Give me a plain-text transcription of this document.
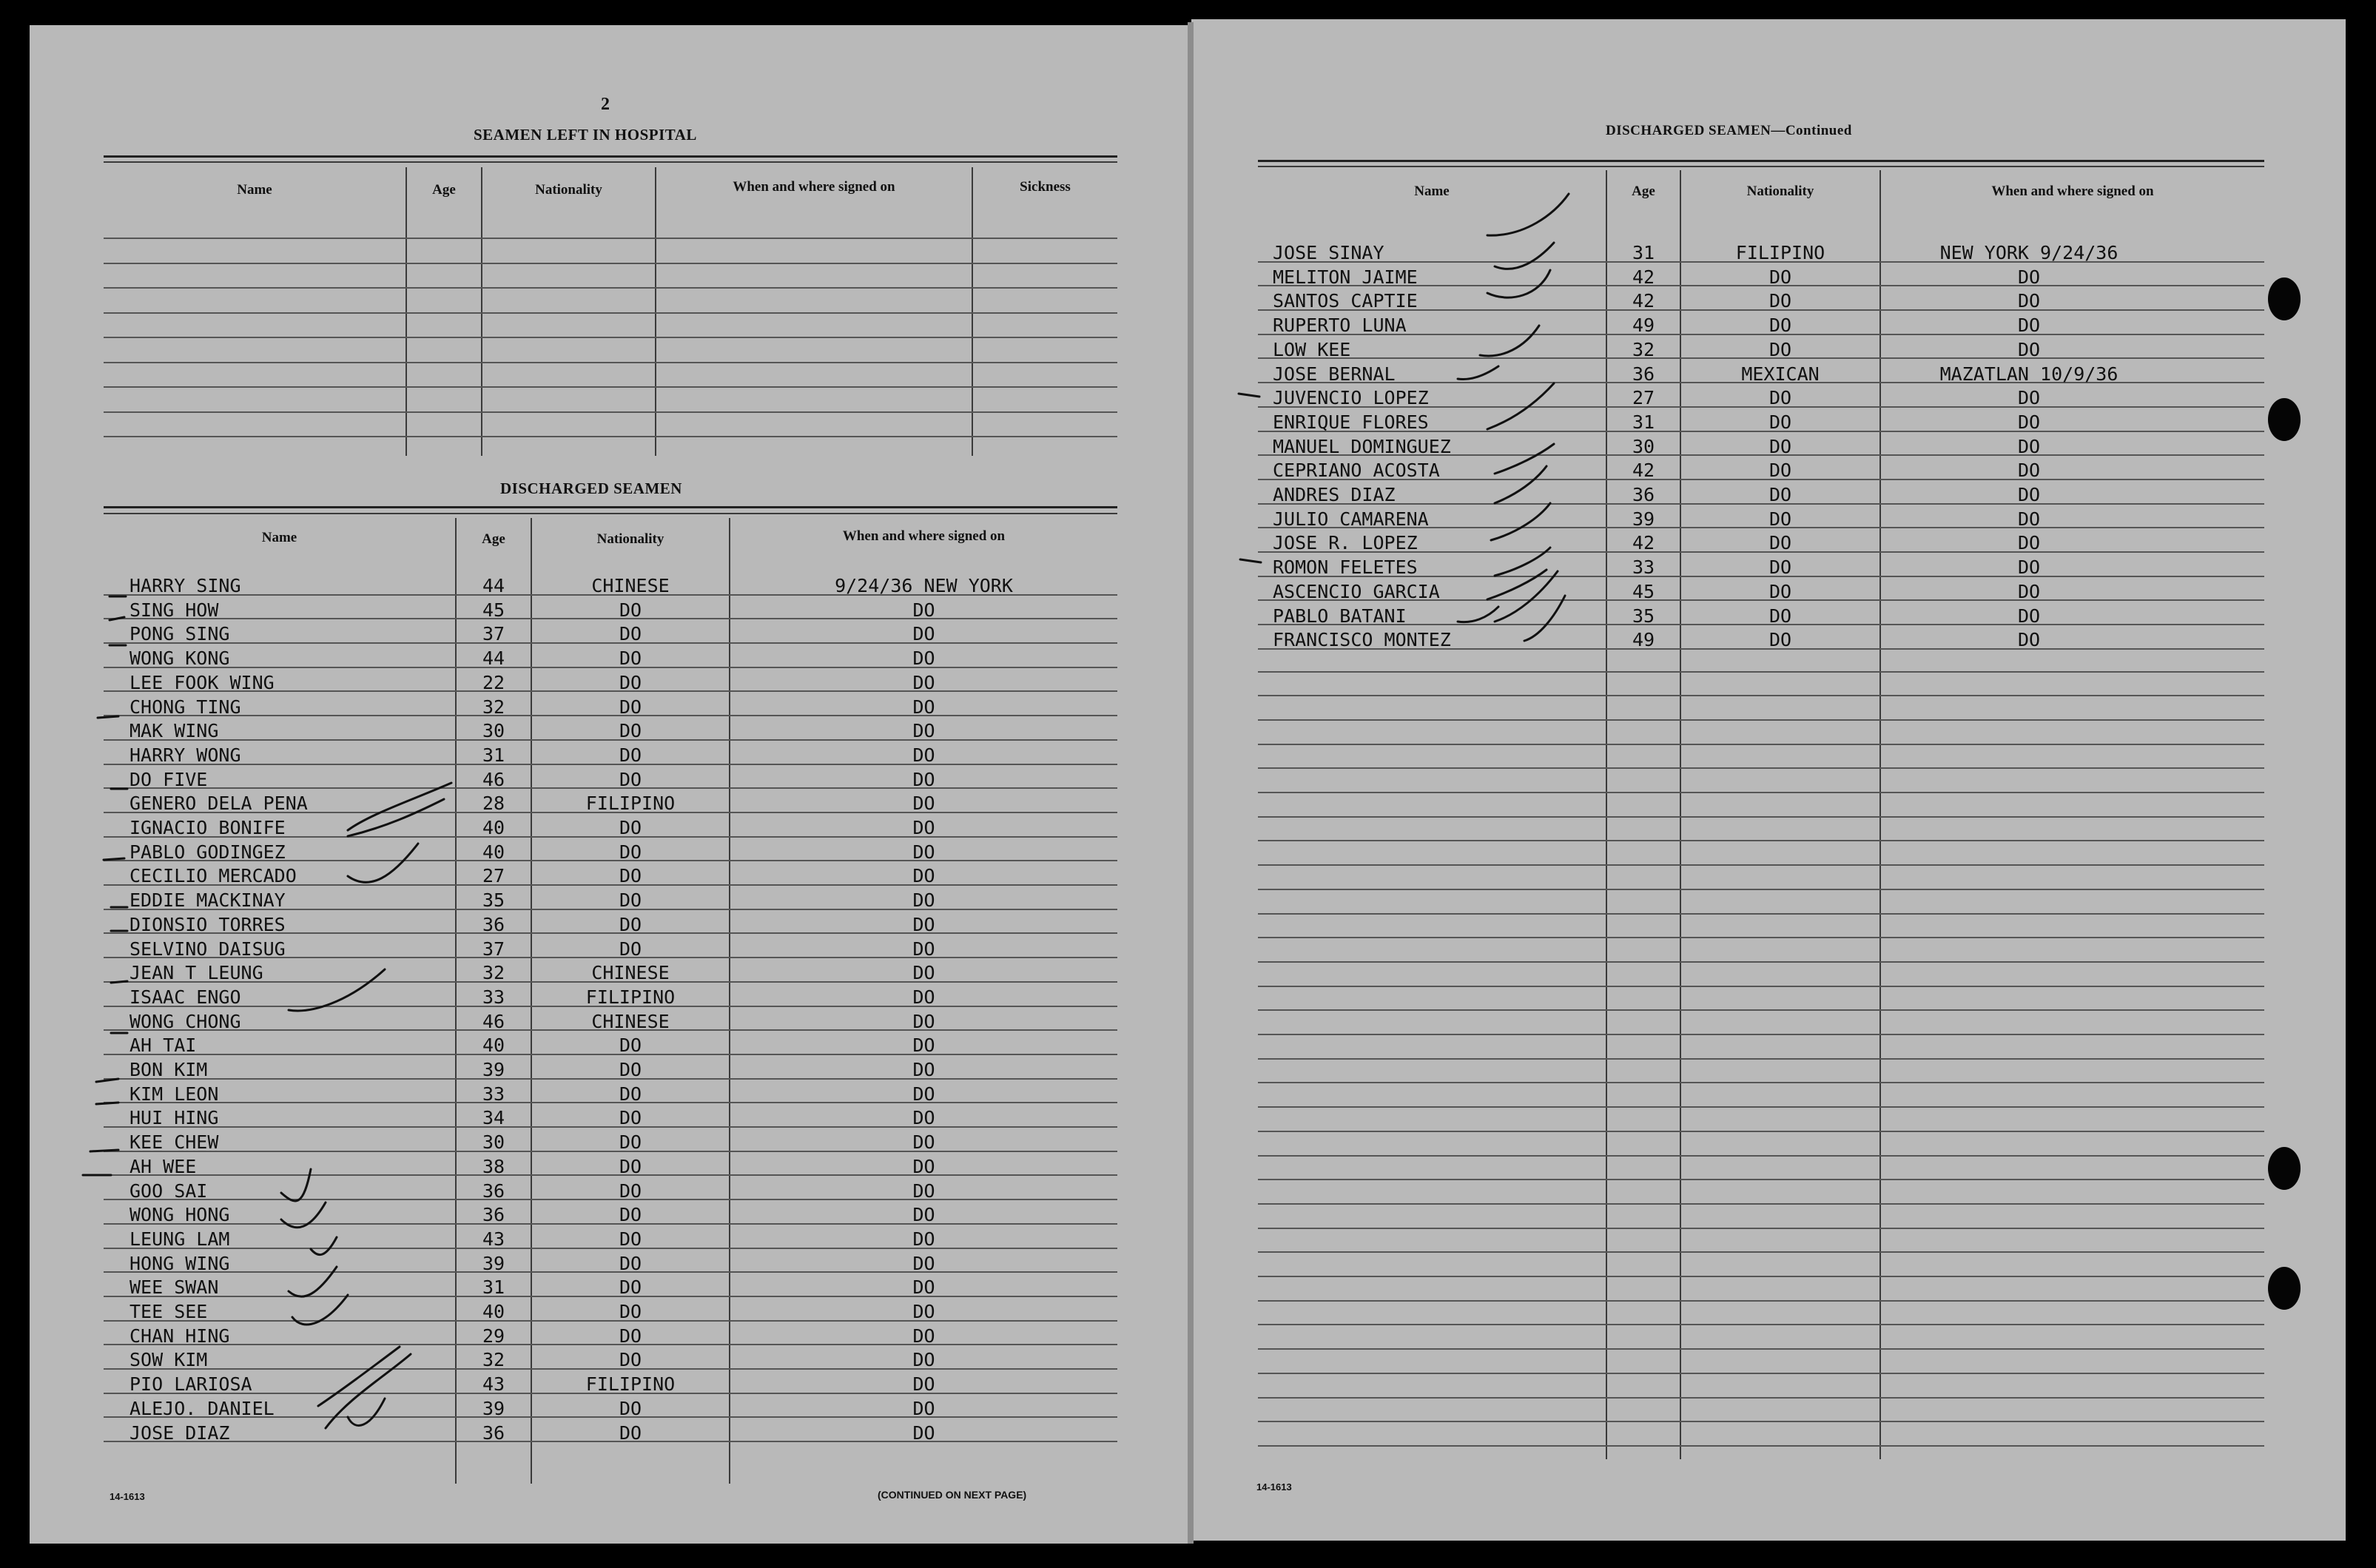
2
SEAMEN LEFT IN HOSPITAL
Name	Age	Nationality	When and where signed on	Sickness
DISCHARGED SEAMEN
Name	Age	Nationality	When and where signed on
HARRY SING	44	CHINESE	9/24/36 NEW YORK
SING HOW	45	DO	DO
PONG SING	37	DO	DO
WONG KONG	44	DO	DO
LEE FOOK WING	22	DO	DO
CHONG TING	32	DO	DO
MAK WING	30	DO	DO
HARRY WONG	31	DO	DO
DO FIVE	46	DO	DO
GENERO DELA PENA	28	FILIPINO	DO
IGNACIO BONIFE	40	DO	DO
PABLO GODINGEZ	40	DO	DO
CECILIO MERCADO	27	DO	DO
EDDIE MACKINAY	35	DO	DO
DIONSIO TORRES	36	DO	DO
SELVINO DAISUG	37	DO	DO
JEAN T LEUNG	32	CHINESE	DO
ISAAC ENGO	33	FILIPINO	DO
WONG CHONG	46	CHINESE	DO
AH TAI	40	DO	DO
BON KIM	39	DO	DO
KIM LEON	33	DO	DO
HUI HING	34	DO	DO
KEE CHEW	30	DO	DO
AH WEE	38	DO	DO
GOO SAI	36	DO	DO
WONG HONG	36	DO	DO
LEUNG LAM	43	DO	DO
HONG WING	39	DO	DO
WEE SWAN	31	DO	DO
TEE SEE	40	DO	DO
CHAN HING	29	DO	DO
SOW KIM	32	DO	DO
PIO LARIOSA	43	FILIPINO	DO
ALEJO. DANIEL	39	DO	DO
JOSE DIAZ	36	DO	DO
14-1613	(CONTINUED ON NEXT PAGE)
DISCHARGED SEAMEN—Continued
Name	Age	Nationality	When and where signed on
JOSE SINAY	31	FILIPINO	NEW YORK 9/24/36
MELITON JAIME	42	DO	DO
SANTOS CAPTIE	42	DO	DO
RUPERTO LUNA	49	DO	DO
LOW KEE	32	DO	DO
JOSE BERNAL	36	MEXICAN	MAZATLAN 10/9/36
JUVENCIO LOPEZ	27	DO	DO
ENRIQUE FLORES	31	DO	DO
MANUEL DOMINGUEZ	30	DO	DO
CEPRIANO ACOSTA	42	DO	DO
ANDRES DIAZ	36	DO	DO
JULIO CAMARENA	39	DO	DO
JOSE R. LOPEZ	42	DO	DO
ROMON FELETES	33	DO	DO
ASCENCIO GARCIA	45	DO	DO
PABLO BATANI	35	DO	DO
FRANCISCO MONTEZ	49	DO	DO
14-1613
